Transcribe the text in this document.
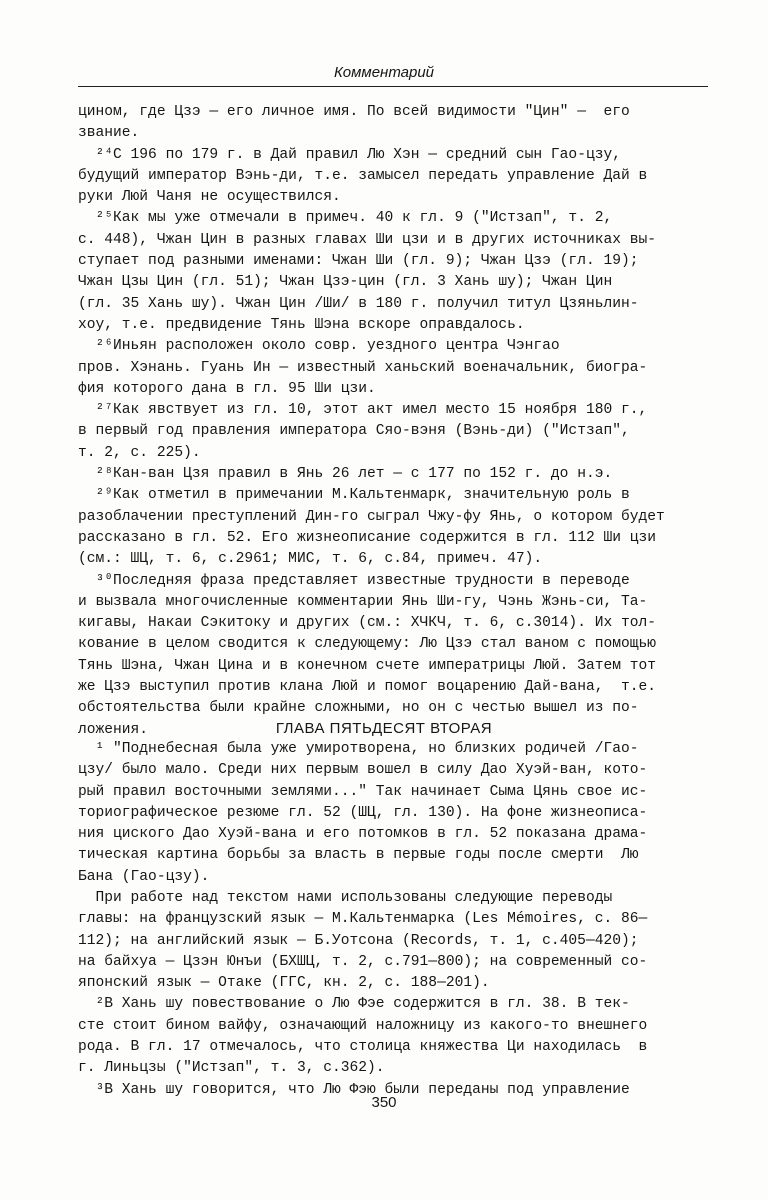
Комментарий
цином, где Цзэ — его личное имя. По всей видимости "Цин" —  его
звание.
²⁴С 196 по 179 г. в Дай правил Лю Хэн — средний сын Гао-цзу,
будущий император Вэнь-ди, т.е. замысел передать управление Дай в
руки Люй Чаня не осуществился.
²⁵Как мы уже отмечали в примеч. 40 к гл. 9 ("Истзап", т. 2,
с. 448), Чжан Цин в разных главах Ши цзи и в других источниках вы-
ступает под разными именами: Чжан Ши (гл. 9); Чжан Цзэ (гл. 19);
Чжан Цзы Цин (гл. 51); Чжан Цзэ-цин (гл. 3 Хань шу); Чжан Цин
(гл. 35 Хань шу). Чжан Цин /Ши/ в 180 г. получил титул Цзяньлин-
хоу, т.е. предвидение Тянь Шэна вскоре оправдалось.
²⁶Иньян расположен около совр. уездного центра Чэнгао
пров. Хэнань. Гуань Ин — известный ханьский военачальник, биогра-
фия которого дана в гл. 95 Ши цзи.
²⁷Как явствует из гл. 10, этот акт имел место 15 ноября 180 г.,
в первый год правления императора Сяо-вэня (Вэнь-ди) ("Истзап",
т. 2, с. 225).
²⁸Кан-ван Цзя правил в Янь 26 лет — с 177 по 152 г. до н.э.
²⁹Как отметил в примечании М.Кальтенмарк, значительную роль в
разоблачении преступлений Дин-го сыграл Чжу-фу Янь, о котором будет
рассказано в гл. 52. Его жизнеописание содержится в гл. 112 Ши цзи
(см.: ШЦ, т. 6, с.2961; МИС, т. 6, с.84, примеч. 47).
³⁰Последняя фраза представляет известные трудности в переводе
и вызвала многочисленные комментарии Янь Ши-гу, Чэнь Жэнь-си, Та-
кигавы, Накаи Сэкитоку и других (см.: ХЧКЧ, т. 6, с.3014). Их тол-
кование в целом сводится к следующему: Лю Цзэ стал ваном с помощью
Тянь Шэна, Чжан Цина и в конечном счете императрицы Люй. Затем тот
же Цзэ выступил против клана Люй и помог воцарению Дай-вана,  т.е.
обстоятельства были крайне сложными, но он с честью вышел из по-
ложения.	ГЛАВА ПЯТЬДЕСЯТ ВТОРАЯ
¹ "Поднебесная была уже умиротворена, но близких родичей /Гао-
цзу/ было мало. Среди них первым вошел в силу Дао Хуэй-ван, кото-
рый правил восточными землями..." Так начинает Сыма Цянь свое ис-
ториографическое резюме гл. 52 (ШЦ, гл. 130). На фоне жизнеописа-
ния циского Дао Хуэй-вана и его потомков в гл. 52 показана драма-
тическая картина борьбы за власть в первые годы после смерти  Лю
Бана (Гао-цзу).
При работе над текстом нами использованы следующие переводы
главы: на французский язык — М.Кальтенмарка (Les Mémoires, с. 86—
112); на английский язык — Б.Уотсона (Records, т. 1, с.405—420);
на байхуа — Цзэн Юнъи (БХШЦ, т. 2, с.791—800); на современный со-
японский язык — Отаке (ГГС, кн. 2, с. 188—201).
²В Хань шу повествование о Лю Фэе содержится в гл. 38. В тек-
сте стоит бином вайфу, означающий наложницу из какого-то внешнего
рода. В гл. 17 отмечалось, что столица княжества Ци находилась  в
г. Линьцзы ("Истзап", т. 3, с.362).
³В Хань шу говорится, что Лю Фэю были переданы под управление
350
